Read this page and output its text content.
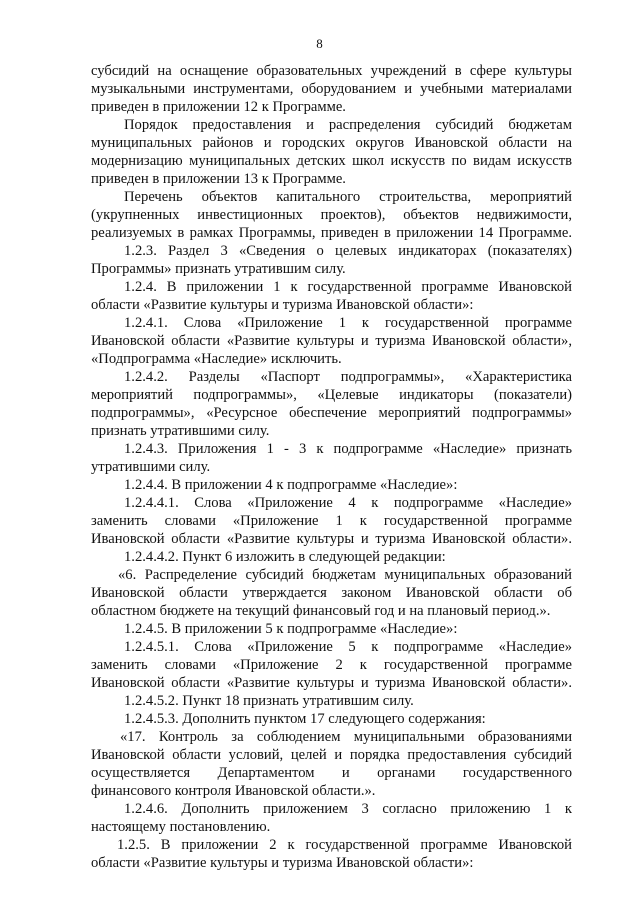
8
субсидий на оснащение образовательных учреждений в сфере культуры
музыкальными инструментами, оборудованием и учебными материалами
приведен в приложении 12 к Программе.
Порядок предоставления и распределения субсидий бюджетам
муниципальных районов и городских округов Ивановской области на
модернизацию муниципальных детских школ искусств по видам искусств
приведен в приложении 13 к Программе.
Перечень объектов капитального строительства, мероприятий
(укрупненных инвестиционных проектов), объектов недвижимости,
реализуемых в рамках Программы, приведен в приложении 14 Программе.
1.2.3. Раздел 3 «Сведения о целевых индикаторах (показателях)
Программы» признать утратившим силу.
1.2.4. В приложении 1 к государственной программе Ивановской
области «Развитие культуры и туризма Ивановской области»:
1.2.4.1. Слова «Приложение 1 к государственной программе
Ивановской области «Развитие культуры и туризма Ивановской области»,
«Подпрограмма «Наследие» исключить.
1.2.4.2. Разделы «Паспорт подпрограммы», «Характеристика
мероприятий подпрограммы», «Целевые индикаторы (показатели)
подпрограммы», «Ресурсное обеспечение мероприятий подпрограммы»
признать утратившими силу.
1.2.4.3. Приложения 1 - 3 к подпрограмме «Наследие» признать
утратившими силу.
1.2.4.4. В приложении 4 к подпрограмме «Наследие»:
1.2.4.4.1. Слова «Приложение 4 к подпрограмме «Наследие»
заменить словами «Приложение 1 к государственной программе
Ивановской области «Развитие культуры и туризма Ивановской области».
1.2.4.4.2. Пункт 6 изложить в следующей редакции:
«6. Распределение субсидий бюджетам муниципальных образований
Ивановской области утверждается законом Ивановской области об
областном бюджете на текущий финансовый год и на плановый период.».
1.2.4.5. В приложении 5 к подпрограмме «Наследие»:
1.2.4.5.1. Слова «Приложение 5 к подпрограмме «Наследие»
заменить словами «Приложение 2 к государственной программе
Ивановской области «Развитие культуры и туризма Ивановской области».
1.2.4.5.2. Пункт 18 признать утратившим силу.
1.2.4.5.3. Дополнить пунктом 17 следующего содержания:
«17. Контроль за соблюдением муниципальными образованиями
Ивановской области условий, целей и порядка предоставления субсидий
осуществляется Департаментом и органами государственного
финансового контроля Ивановской области.».
1.2.4.6. Дополнить приложением 3 согласно приложению 1 к
настоящему постановлению.
1.2.5. В приложении 2 к государственной программе Ивановской
области «Развитие культуры и туризма Ивановской области»:
